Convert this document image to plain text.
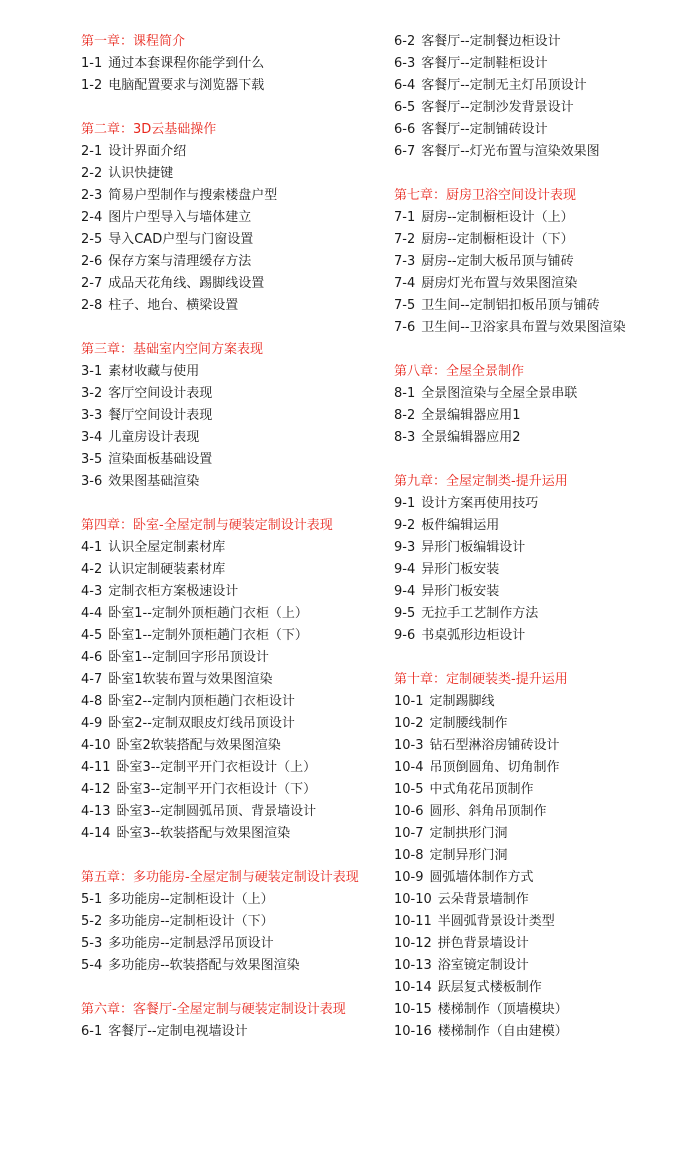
第一章： 课程简介
1-1 通过本套课程你能学到什么
1-2 电脑配置要求与浏览器下载
第二章： 3D云基础操作
2-1 设计界面介绍
2-2 认识快捷键
2-3 简易户型制作与搜索楼盘户型
2-4 图片户型导入与墙体建立
2-5 导入CAD户型与门窗设置
2-6 保存方案与清理缓存方法
2-7 成品天花角线、踢脚线设置
2-8 柱子、地台、横梁设置
第三章： 基础室内空间方案表现
3-1 素材收藏与使用
3-2 客厅空间设计表现
3-3 餐厅空间设计表现
3-4 儿童房设计表现
3-5 渲染面板基础设置
3-6 效果图基础渲染
第四章： 卧室-全屋定制与硬装定制设计表现
4-1 认识全屋定制素材库
4-2 认识定制硬装素材库
4-3 定制衣柜方案极速设计
4-4 卧室1--定制外顶柜趟门衣柜（上）
4-5 卧室1--定制外顶柜趟门衣柜（下）
4-6 卧室1--定制回字形吊顶设计
4-7 卧室1软装布置与效果图渲染
4-8 卧室2--定制内顶柜趟门衣柜设计
4-9 卧室2--定制双眼皮灯线吊顶设计
4-10 卧室2软装搭配与效果图渲染
4-11 卧室3--定制平开门衣柜设计（上）
4-12 卧室3--定制平开门衣柜设计（下）
4-13 卧室3--定制圆弧吊顶、背景墙设计
4-14 卧室3--软装搭配与效果图渲染
第五章： 多功能房-全屋定制与硬装定制设计表现
5-1 多功能房--定制柜设计（上）
5-2 多功能房--定制柜设计（下）
5-3 多功能房--定制悬浮吊顶设计
5-4 多功能房--软装搭配与效果图渲染
第六章： 客餐厅-全屋定制与硬装定制设计表现
6-1 客餐厅--定制电视墙设计
6-2 客餐厅--定制餐边柜设计
6-3 客餐厅--定制鞋柜设计
6-4 客餐厅--定制无主灯吊顶设计
6-5 客餐厅--定制沙发背景设计
6-6 客餐厅--定制铺砖设计
6-7 客餐厅--灯光布置与渲染效果图
第七章： 厨房卫浴空间设计表现
7-1 厨房--定制橱柜设计（上）
7-2 厨房--定制橱柜设计（下）
7-3 厨房--定制大板吊顶与铺砖
7-4 厨房灯光布置与效果图渲染
7-5 卫生间--定制铝扣板吊顶与铺砖
7-6 卫生间--卫浴家具布置与效果图渲染
第八章： 全屋全景制作
8-1 全景图渲染与全屋全景串联
8-2 全景编辑器应用1
8-3 全景编辑器应用2
第九章： 全屋定制类-提升运用
9-1 设计方案再使用技巧
9-2 板件编辑运用
9-3 异形门板编辑设计
9-4 异形门板安装
9-4 异形门板安装
9-5 无拉手工艺制作方法
9-6 书桌弧形边柜设计
第十章： 定制硬装类-提升运用
10-1 定制踢脚线
10-2 定制腰线制作
10-3 钻石型淋浴房铺砖设计
10-4 吊顶倒圆角、切角制作
10-5 中式角花吊顶制作
10-6 圆形、斜角吊顶制作
10-7 定制拱形门洞
10-8 定制异形门洞
10-9 圆弧墙体制作方式
10-10 云朵背景墙制作
10-11 半圆弧背景设计类型
10-12 拼色背景墙设计
10-13 浴室镜定制设计
10-14 跃层复式楼板制作
10-15 楼梯制作（顶墙模块）
10-16 楼梯制作（自由建模）
